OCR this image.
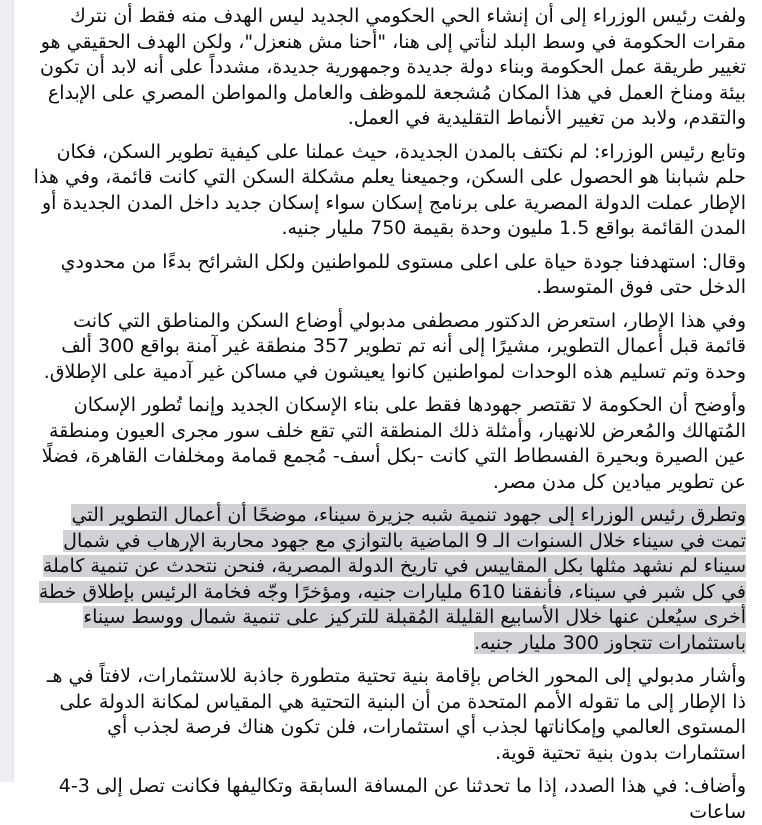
ولفت رئيس الوزراء إلى أن إنشاء الحي الحكومي الجديد ليس الهدف منه فقط أن نترك مقرات الحكومة في وسط البلد لنأتي إلى هنا، "أحنا مش هنعزل"، ولكن الهدف الحقيقي هو تغيير طريقة عمل الحكومة وبناء دولة جديدة وجمهورية جديدة، مشدداً على أنه لابد أن تكون بيئة ومناخ العمل في هذا المكان مُشجعة للموظف والعامل والمواطن المصري على الإبداع والتقدم، ولابد من تغيير الأنماط التقليدية في العمل.

وتابع رئيس الوزراء: لم نكتف بالمدن الجديدة، حيث عملنا على كيفية تطوير السكن، فكان حلم شبابنا هو الحصول على السكن، وجميعنا يعلم مشكلة السكن التي كانت قائمة، وفي هذا الإطار عملت الدولة المصرية على برنامج إسكان سواء إسكان جديد داخل المدن الجديدة أو المدن القائمة بواقع 1.5 مليون وحدة بقيمة 750 مليار جنيه.

وقال: استهدفنا جودة حياة على اعلى مستوى للمواطنين ولكل الشرائح بدءًا من محدودي الدخل حتى فوق المتوسط.

وفي هذا الإطار، استعرض الدكتور مصطفى مدبولي أوضاع السكن والمناطق التي كانت قائمة قبل أعمال التطوير، مشيرًا إلى أنه تم تطوير 357 منطقة غير آمنة بواقع 300 ألف وحدة وتم تسليم هذه الوحدات لمواطنين كانوا يعيشون في مساكن غير آدمية على الإطلاق.

وأوضح أن الحكومة لا تقتصر جهودها فقط على بناء الإسكان الجديد وإنما تُطور الإسكان المُتهالك والمُعرض للانهيار، وأمثلة ذلك المنطقة التي تقع خلف سور مجرى العيون ومنطقة عين الصيرة وبحيرة الفسطاط التي كانت -بكل أسف- مُجمع قمامة ومخلفات القاهرة، فضلًا عن تطوير ميادين كل مدن مصر.

وتطرق رئيس الوزراء إلى جهود تنمية شبه جزيرة سيناء، موضحًا أن أعمال التطوير التي تمت في سيناء خلال السنوات الـ 9 الماضية بالتوازي مع جهود محاربة الإرهاب في شمال سيناء لم نشهد مثلها بكل المقاييس في تاريخ الدولة المصرية، فنحن نتحدث عن تنمية كاملة في كل شبر في سيناء، فأنفقنا 610 مليارات جنيه، ومؤخرًا وجّه فخامة الرئيس بإطلاق خطة أخرى سيُعلن عنها خلال الأسابيع القليلة المُقبلة للتركيز على تنمية شمال ووسط سيناء باستثمارات تتجاوز 300 مليار جنيه.

وأشار مدبولي إلى المحور الخاص بإقامة بنية تحتية متطورة جاذبة للاستثمارات، لافتاً في هـ ذا الإطار إلى ما تقوله الأمم المتحدة من أن البنية التحتية هي المقياس لمكانة الدولة على المستوى العالمي وإمكاناتها لجذب أي استثمارات، فلن تكون هناك فرصة لجذب أي استثمارات بدون بنية تحتية قوية.

وأضاف: في هذا الصدد، إذا ما تحدثنا عن المسافة السابقة وتكاليفها فكانت تصل إلى 3-4 ساعات
